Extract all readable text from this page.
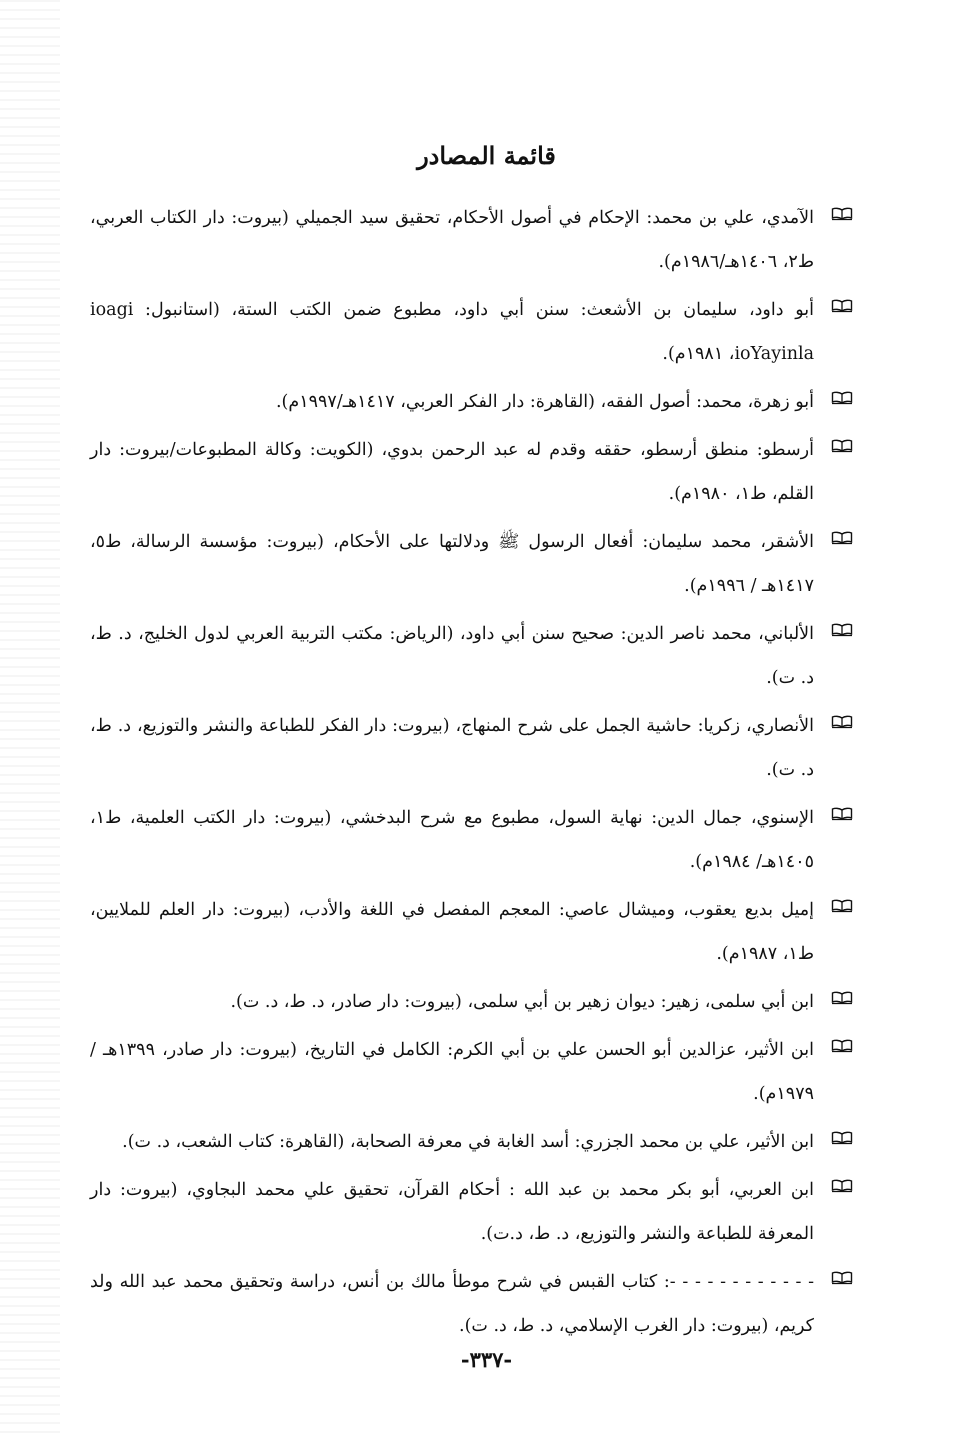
قائمة المصادر
الآمدي، علي بن محمد: الإحكام في أصول الأحكام، تحقيق سيد الجميلي (بيروت: دار الكتاب العربي، ط٢، ١٤٠٦هـ/١٩٨٦م).
أبو داود، سليمان بن الأشعث: سنن أبي داود، مطبوع ضمن الكتب الستة، (استانبول: ioagi ioYayinla، ١٩٨١م).
أبو زهرة، محمد: أصول الفقه، (القاهرة: دار الفكر العربي، ١٤١٧هـ/١٩٩٧م).
أرسطو: منطق أرسطو، حققه وقدم له عبد الرحمن بدوي، (الكويت: وكالة المطبوعات/بيروت: دار القلم، ط١، ١٩٨٠م).
الأشقر، محمد سليمان: أفعال الرسول ﷺ ودلالتها على الأحكام، (بيروت: مؤسسة الرسالة، ط٥، ١٤١٧هـ / ١٩٩٦م).
الألباني، محمد ناصر الدين: صحيح سنن أبي داود، (الرياض: مكتب التربية العربي لدول الخليج، د. ط، د. ت).
الأنصاري، زكريا: حاشية الجمل على شرح المنهاج، (بيروت: دار الفكر للطباعة والنشر والتوزيع، د. ط، د. ت).
الإسنوي، جمال الدين: نهاية السول، مطبوع مع شرح البدخشي، (بيروت: دار الكتب العلمية، ط١، ١٤٠٥هـ/ ١٩٨٤م).
إميل بديع يعقوب، وميشال عاصي: المعجم المفصل في اللغة والأدب، (بيروت: دار العلم للملايين، ط١، ١٩٨٧م).
ابن أبي سلمى، زهير: ديوان زهير بن أبي سلمى، (بيروت: دار صادر، د. ط، د. ت).
ابن الأثير، عزالدين أبو الحسن علي بن أبي الكرم: الكامل في التاريخ، (بيروت: دار صادر، ١٣٩٩هـ /١٩٧٩م).
ابن الأثير، علي بن محمد الجزري: أسد الغابة في معرفة الصحابة، (القاهرة: كتاب الشعب، د. ت).
ابن العربي، أبو بكر محمد بن عبد الله : أحكام القرآن، تحقيق علي محمد البجاوي، (بيروت: دار المعرفة للطباعة والنشر والتوزيع، د. ط، د.ت).
- - - - - - - - - - - -: كتاب القبس في شرح موطأ مالك بن أنس، دراسة وتحقيق محمد عبد الله ولد كريم، (بيروت: دار الغرب الإسلامي، د. ط، د. ت).
-٣٣٧-
